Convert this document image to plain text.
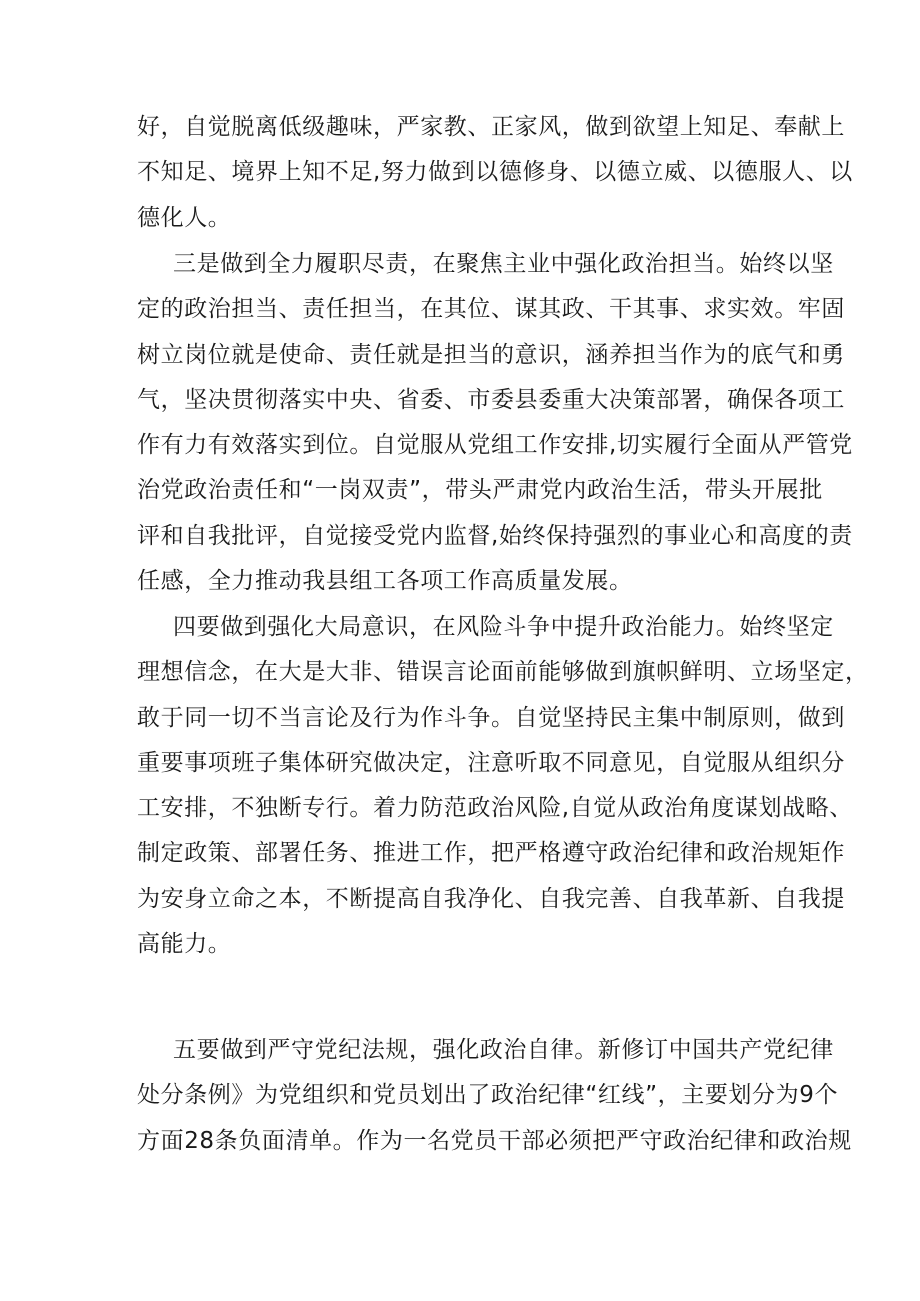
好，自觉脱离低级趣味，严家教、正家风，做到欲望上知足、奉献上
不知足、境界上知不足,努力做到以德修身、以德立威、以德服人、以
德化人。
三是做到全力履职尽责，在聚焦主业中强化政治担当。始终以坚
定的政治担当、责任担当，在其位、谋其政、干其事、求实效。牢固
树立岗位就是使命、责任就是担当的意识，涵养担当作为的底气和勇
气，坚决贯彻落实中央、省委、市委县委重大决策部署，确保各项工
作有力有效落实到位。自觉服从党组工作安排,切实履行全面从严管党
治党政治责任和“一岗双责”，带头严肃党内政治生活，带头开展批
评和自我批评，自觉接受党内监督,始终保持强烈的事业心和高度的责
任感，全力推动我县组工各项工作高质量发展。
四要做到强化大局意识，在风险斗争中提升政治能力。始终坚定
理想信念，在大是大非、错误言论面前能够做到旗帜鲜明、立场坚定，
敢于同一切不当言论及行为作斗争。自觉坚持民主集中制原则，做到
重要事项班子集体研究做决定，注意听取不同意见，自觉服从组织分
工安排，不独断专行。着力防范政治风险,自觉从政治角度谋划战略、
制定政策、部署任务、推进工作，把严格遵守政治纪律和政治规矩作
为安身立命之本，不断提高自我净化、自我完善、自我革新、自我提
高能力。
五要做到严守党纪法规，强化政治自律。新修订中国共产党纪律
处分条例》为党组织和党员划出了政治纪律“红线”，主要划分为9个
方面28条负面清单。作为一名党员干部必须把严守政治纪律和政治规
